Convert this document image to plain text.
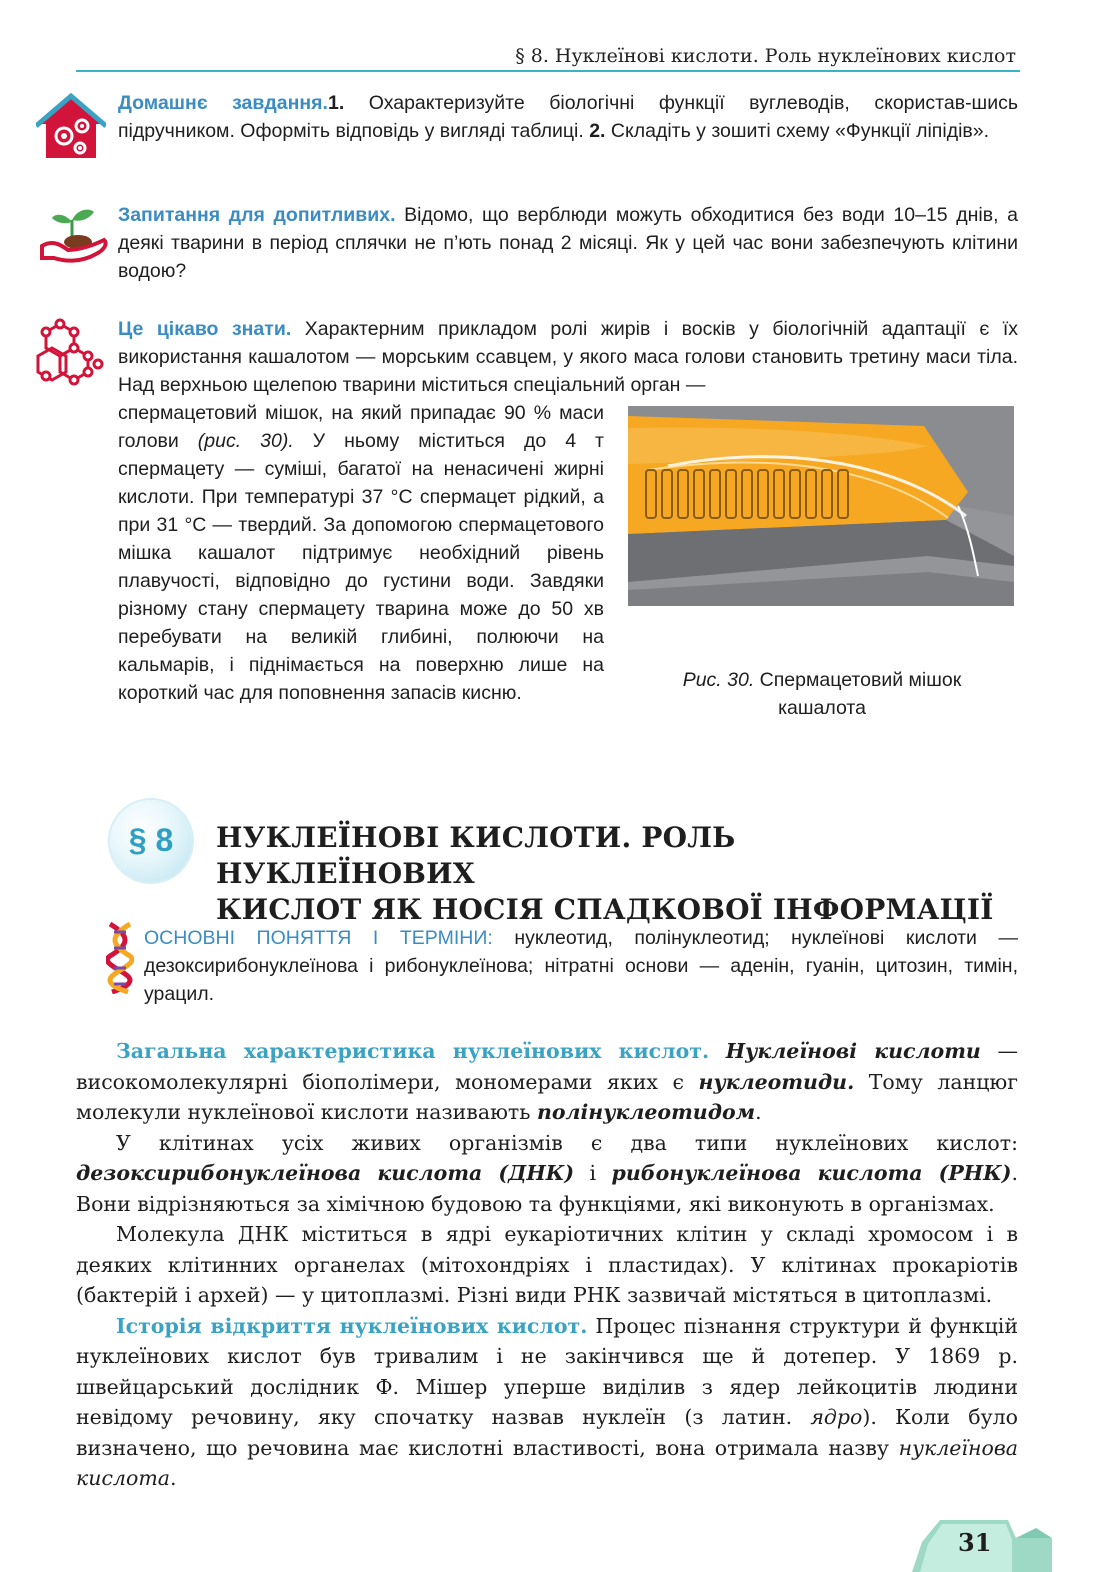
§ 8. Нуклеїнові кислоти. Роль нуклеїнових кислот

Домашнє завдання.1. Охарактеризуйте біологічні функції вуглеводів, скористав-шись підручником. Оформіть відповідь у вигляді таблиці. 2. Складіть у зошиті схему «Функції ліпідів».

Запитання для допитливих. Відомо, що верблюди можуть обходитися без води 10–15 днів, а деякі тварини в період сплячки не п’ють понад 2 місяці. Як у цей час вони забезпечують клітини водою?

Це цікаво знати. Характерним прикладом ролі жирів і восків у біологічній адаптації є їх використання кашалотом — морським ссавцем, у якого маса голови становить третину маси тіла. Над верхньою щелепою тварини міститься спеціальний орган —

спермацетовий мішок, на який припадає 90 % маси голови (рис. 30). У ньому міститься до 4 т спермацету — суміші, багатої на ненасичені жирні кислоти. При температурі 37 °С спермацет рідкий, а при 31 °С — твердий. За допомогою спермацетового мішка кашалот підтримує необхідний рівень плавучості, відповідно до густини води. Завдяки різному стану спермацету тварина може до 50 хв перебувати на великій глибині, полюючи на кальмарів, і піднімається на поверхню лише на короткий час для поповнення запасів кисню.

Рис. 30. Спермацетовий мішок
кашалота
§ 8	НУКЛЕЇНОВІ КИСЛОТИ. РОЛЬ НУКЛЕЇНОВИХ
КИСЛОТ ЯК НОСІЯ СПАДКОВОЇ ІНФОРМАЦІЇ

ОСНОВНІ ПОНЯТТЯ І ТЕРМІНИ: нуклеотид, полінуклеотид; нуклеїнові кислоти — дезоксирибонуклеїнова і рибонуклеїнова; нітратні основи — аденін, гуанін, цитозин, тимін, урацил.

Загальна характеристика нуклеїнових кислот. Нуклеїнові кислоти — високомолекулярні біополімери, мономерами яких є нуклеотиди. Тому ланцюг молекули нуклеїнової кислоти називають полінуклеотидом.

У клітинах усіх живих організмів є два типи нуклеїнових кислот: дезоксирибонуклеїнова кислота (ДНК) і рибонуклеїнова кислота (РНК). Вони відрізняються за хімічною будовою та функціями, які виконують в організмах.

Молекула ДНК міститься в ядрі еукаріотичних клітин у складі хромосом і в деяких клітинних органелах (мітохондріях і пластидах). У клітинах прокаріотів (бактерій і архей) — у цитоплазмі. Різні види РНК зазвичай містяться в цитоплазмі.

Історія відкриття нуклеїнових кислот. Процес пізнання структури й функцій нуклеїнових кислот був тривалим і не закінчився ще й дотепер. У 1869 р. швейцарський дослідник Ф. Мішер уперше виділив з ядер лейкоцитів людини невідому речовину, яку спочатку назвав нуклеїн (з латин. ядро). Коли було визначено, що речовина має кислотні властивості, вона отримала назву нуклеїнова кислота.

31
